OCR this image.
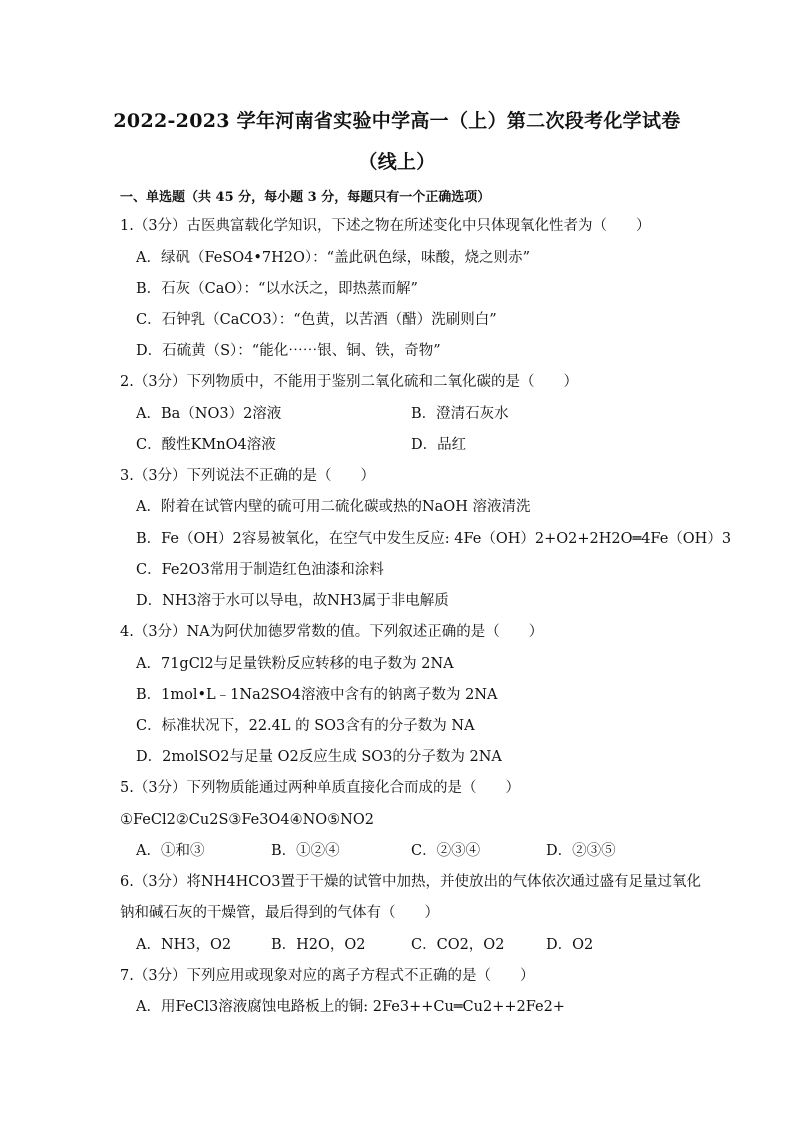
2022-2023 学年河南省实验中学高一（上）第二次段考化学试卷
（线上）
一、单选题（共 45 分，每小题 3 分，每题只有一个正确选项）
1.（3分）古医典富载化学知识，下述之物在所述变化中只体现氧化性者为（　　）
A．绿矾（FeSO4•7H2O）：“盖此矾色绿，味酸，烧之则赤”
B．石灰（CaO）：“以水沃之，即热蒸而解”
C．石钟乳（CaCO3）：“色黄，以苦酒（醋）洗刷则白”
D．石硫黄（S）：“能化⋯⋯银、铜、铁，奇物”
2.（3分）下列物质中，不能用于鉴别二氧化硫和二氧化碳的是（　　）
A．Ba（NO3）2溶液	B．澄清石灰水
C．酸性KMnO4溶液	D．品红
3.（3分）下列说法不正确的是（　　）
A．附着在试管内壁的硫可用二硫化碳或热的NaOH 溶液清洗
B．Fe（OH）2容易被氧化，在空气中发生反应: 4Fe（OH）2+O2+2H2O═4Fe（OH）3
C．Fe2O3常用于制造红色油漆和涂料
D．NH3溶于水可以导电，故NH3属于非电解质
4.（3分）NA为阿伏加德罗常数的值。下列叙述正确的是（　　）
A．71gCl2与足量铁粉反应转移的电子数为 2NA
B．1mol•L﹣1Na2SO4溶液中含有的钠离子数为 2NA
C．标准状况下，22.4L 的 SO3含有的分子数为 NA
D．2molSO2与足量 O2反应生成 SO3的分子数为 2NA
5.（3分）下列物质能通过两种单质直接化合而成的是（　　）
①FeCl2②Cu2S③Fe3O4④NO⑤NO2
A．①和③	B．①②④	C．②③④	D．②③⑤
6.（3分）将NH4HCO3置于干燥的试管中加热，并使放出的气体依次通过盛有足量过氧化
钠和碱石灰的干燥管，最后得到的气体有（　　）
A．NH3，O2	B．H2O，O2	C．CO2，O2	D．O2
7.（3分）下列应用或现象对应的离子方程式不正确的是（　　）
A．用FeCl3溶液腐蚀电路板上的铜: 2Fe3++Cu═Cu2++2Fe2+
